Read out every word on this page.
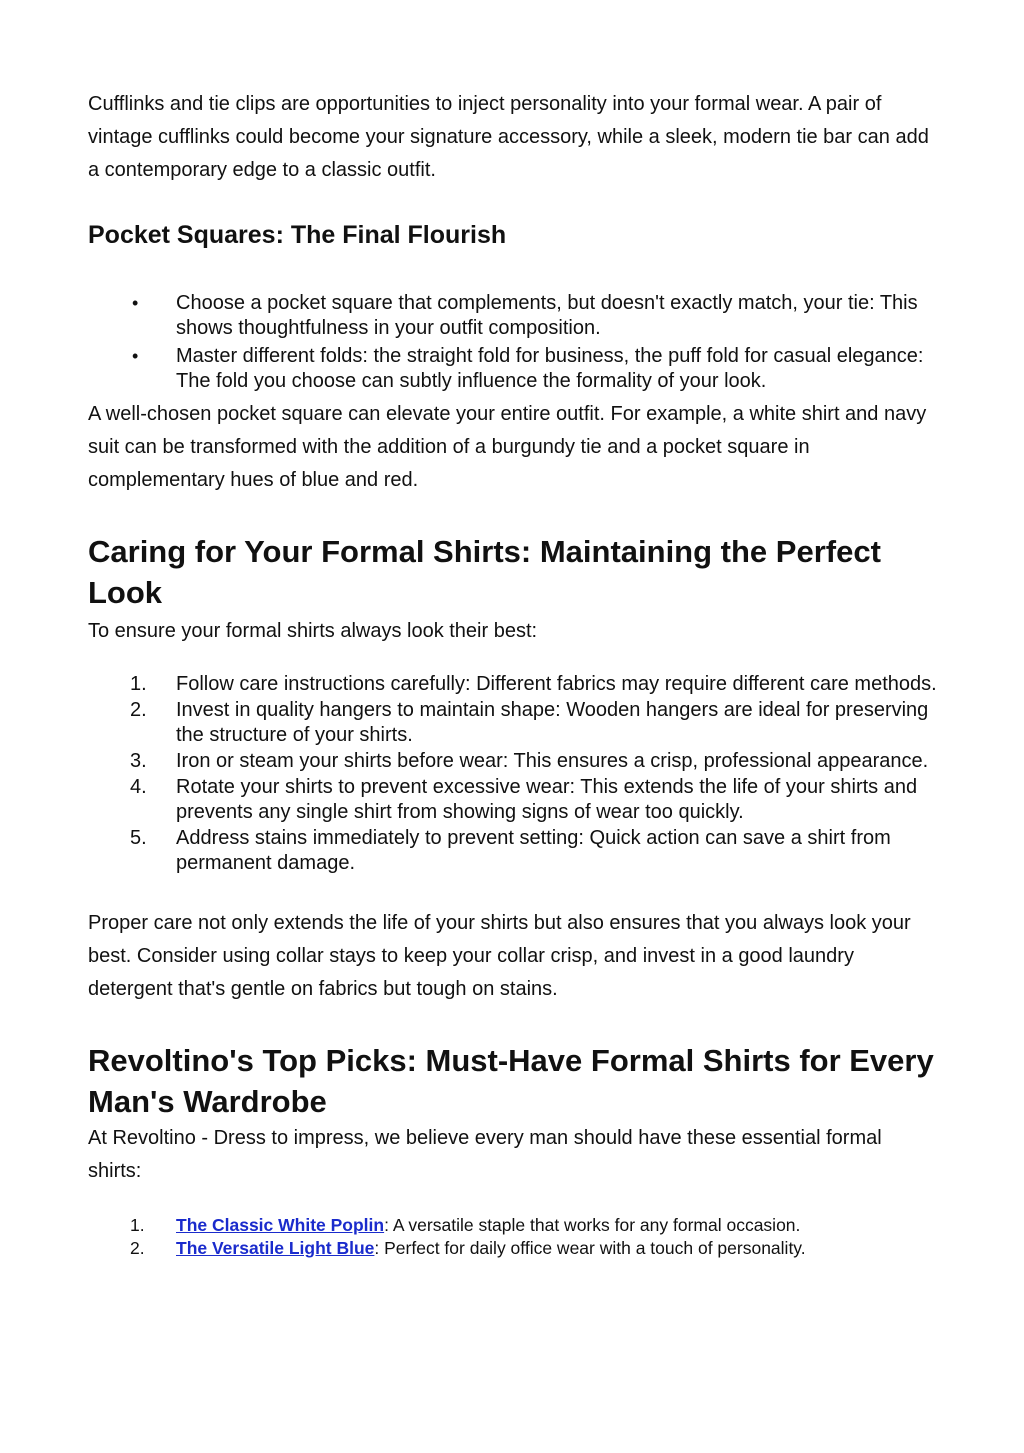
Cufflinks and tie clips are opportunities to inject personality into your formal wear. A pair of vintage cufflinks could become your signature accessory, while a sleek, modern tie bar can add a contemporary edge to a classic outfit.

Pocket Squares: The Final Flourish
• Choose a pocket square that complements, but doesn't exactly match, your tie: This shows thoughtfulness in your outfit composition.
• Master different folds: the straight fold for business, the puff fold for casual elegance: The fold you choose can subtly influence the formality of your look.

A well-chosen pocket square can elevate your entire outfit. For example, a white shirt and navy suit can be transformed with the addition of a burgundy tie and a pocket square in complementary hues of blue and red.

Caring for Your Formal Shirts: Maintaining the Perfect Look

To ensure your formal shirts always look their best:

1. Follow care instructions carefully: Different fabrics may require different care methods.
2. Invest in quality hangers to maintain shape: Wooden hangers are ideal for preserving the structure of your shirts.
3. Iron or steam your shirts before wear: This ensures a crisp, professional appearance.
4. Rotate your shirts to prevent excessive wear: This extends the life of your shirts and prevents any single shirt from showing signs of wear too quickly.
5. Address stains immediately to prevent setting: Quick action can save a shirt from permanent damage.

Proper care not only extends the life of your shirts but also ensures that you always look your best. Consider using collar stays to keep your collar crisp, and invest in a good laundry detergent that's gentle on fabrics but tough on stains.

Revoltino's Top Picks: Must-Have Formal Shirts for Every Man's Wardrobe

At Revoltino - Dress to impress, we believe every man should have these essential formal shirts:

1. The Classic White Poplin: A versatile staple that works for any formal occasion.
2. The Versatile Light Blue: Perfect for daily office wear with a touch of personality.
